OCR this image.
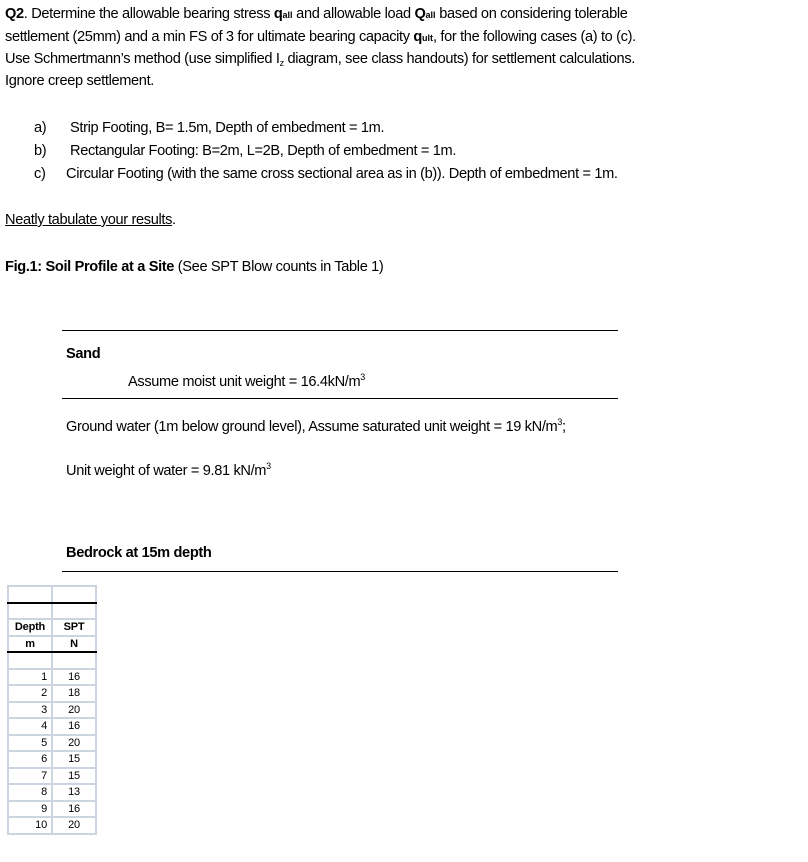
Q2. Determine the allowable bearing stress qall and allowable load Qall based on considering tolerable
settlement (25mm) and a min FS of 3 for ultimate bearing capacity qult, for the following cases (a) to (c).
Use Schmertmann’s method (use simplified $I_z$ diagram, see class handouts) for settlement calculations.
Ignore creep settlement.
a) Strip Footing, B= 1.5m, Depth of embedment = 1m.
b) Rectangular Footing: B=2m, L=2B, Depth of embedment = 1m.
c) Circular Footing (with the same cross sectional area as in (b)). Depth of embedment = 1m.
Neatly tabulate your results.
Fig.1: Soil Profile at a Site (See SPT Blow counts in Table 1)
Sand
Assume moist unit weight = $16.4kN/m^3$
Ground water (1m below ground level), Assume saturated unit weight = 19 $kN/m^3$;
Unit weight of water = 9.81 $kN/m^3$
Bedrock at 15m depth

Depth	SPT
m	N

1	16
2	18
3	20
4	16
5	20
6	15
7	15
8	13
9	16
10	20
